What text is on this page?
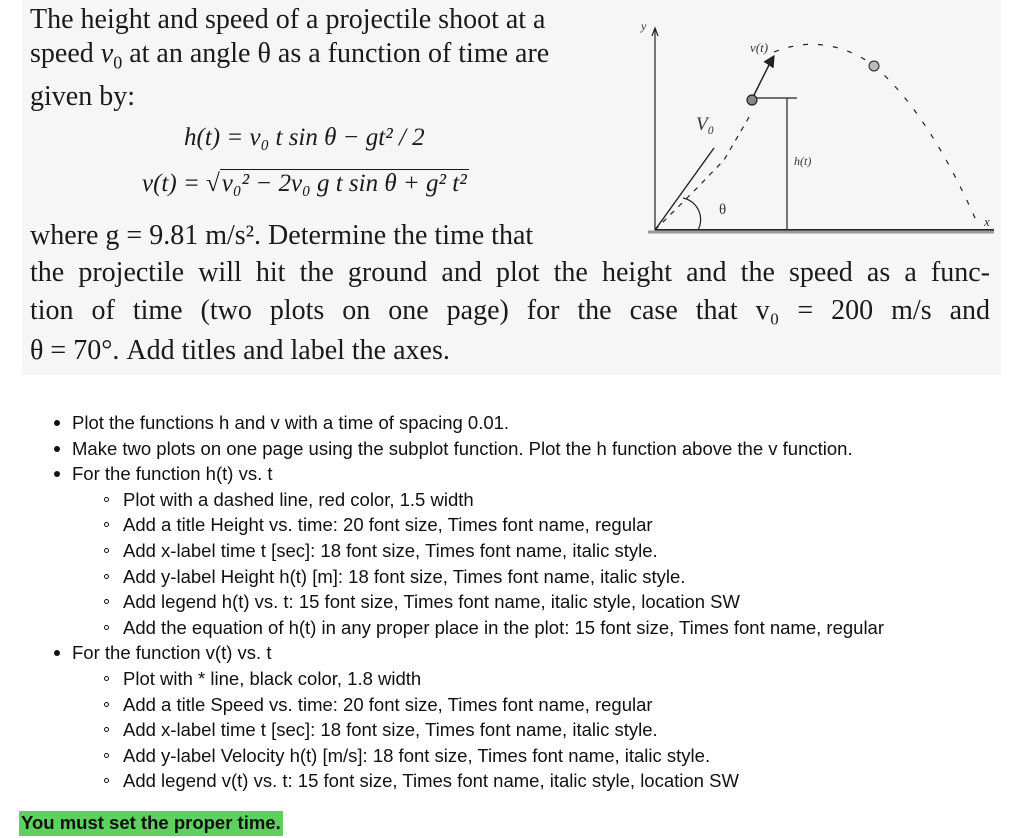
The height and speed of a projectile shoot at a
speed $v_0$ at an angle θ as a function of time are
given by:
h(t) = v₀ t sin θ − gt² / 2
v(t) = √v₀² − 2v₀ g t sin θ + g² t²
where g = 9.81 m/s². Determine the time that
the projectile will hit the ground and plot the height and the speed as a func-
tion of time (two plots on one page) for the case that v₀ = 200 m/s and
θ = 70°. Add titles and label the axes.
y
x
v(t)
V₀
h(t)
θ
Plot the functions h and v with a time of spacing 0.01.
Make two plots on one page using the subplot function. Plot the h function above the v function.
For the function h(t) vs. t
Plot with a dashed line, red color, 1.5 width
Add a title Height vs. time: 20 font size, Times font name, regular
Add x-label time t [sec]: 18 font size, Times font name, italic style.
Add y-label Height h(t) [m]: 18 font size, Times font name, italic style.
Add legend h(t) vs. t: 15 font size, Times font name, italic style, location SW
Add the equation of h(t) in any proper place in the plot: 15 font size, Times font name, regular
For the function v(t) vs. t
Plot with * line, black color, 1.8 width
Add a title Speed vs. time: 20 font size, Times font name, regular
Add x-label time t [sec]: 18 font size, Times font name, italic style.
Add y-label Velocity h(t) [m/s]: 18 font size, Times font name, italic style.
Add legend v(t) vs. t: 15 font size, Times font name, italic style, location SW
You must set the proper time.
